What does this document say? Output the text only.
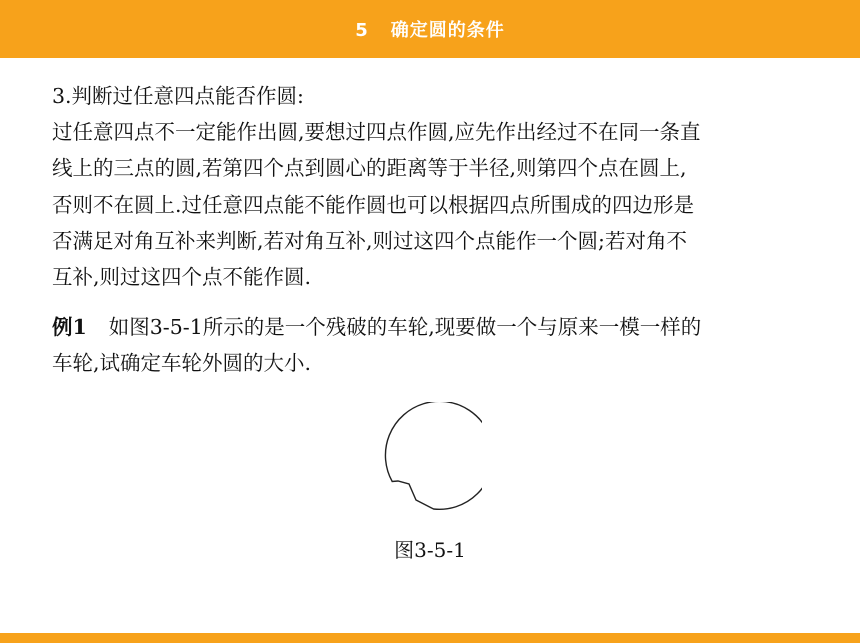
5 确定圆的条件

3.判断过任意四点能否作圆:

过任意四点不一定能作出圆,要想过四点作圆,应先作出经过不在同一条直
线上的三点的圆,若第四个点到圆心的距离等于半径,则第四个点在圆上,
否则不在圆上.过任意四点能不能作圆也可以根据四点所围成的四边形是
否满足对角互补来判断,若对角互补,则过这四个点能作一个圆;若对角不
互补,则过这四个点不能作圆.

例1 如图3-5-1所示的是一个残破的车轮,现要做一个与原来一模一样的
车轮,试确定车轮外圆的大小.

图3-5-1
